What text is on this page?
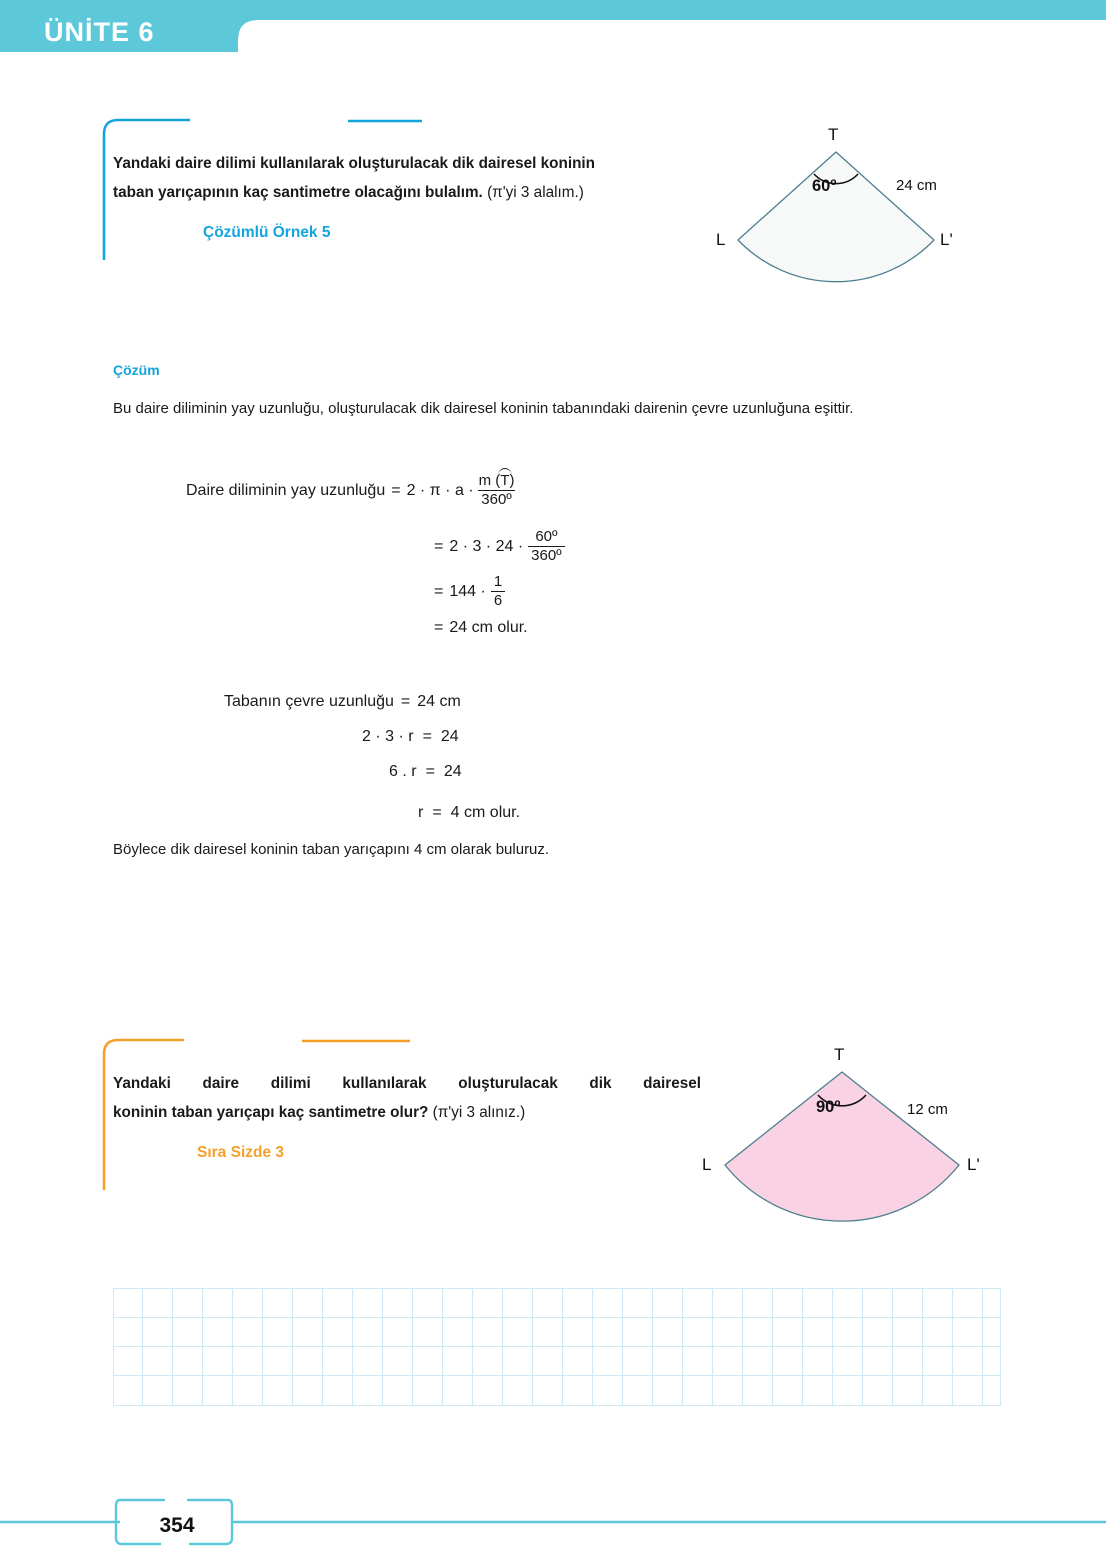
ÜNİTE 6
Çözümlü Örnek 5
Yandaki daire dilimi kullanılarak oluşturulacak dik dairesel koninin
taban yarıçapının kaç santimetre olacağını bulalım. (π'yi 3 alalım.)
T
60º	24 cm
L	L'
Çözüm
Bu daire diliminin yay uzunluğu, oluşturulacak dik dairesel koninin tabanındaki dairenin çevre uzunluğuna eşittir.
Daire diliminin yay uzunluğu = 2 · π · a · m (
T)
360º
= $2 \cdot 3 \cdot 24 \cdot \frac{\text{60º}}{\text{360º}}$
= $144 \cdot \frac{1}{6}$
= 24 cm olur.
Tabanın çevre uzunluğu = 24 cm
2 · 3 · r = 24
6 . r = 24
r = 4 cm olur.
Böylece dik dairesel koninin taban yarıçapını 4 cm olarak buluruz.
Sıra Sizde 3
Yandaki daire dilimi kullanılarak oluşturulacak dik dairesel
koninin taban yarıçapı kaç santimetre olur? (π'yi 3 alınız.)
T
90º	12 cm
L	L'
354
